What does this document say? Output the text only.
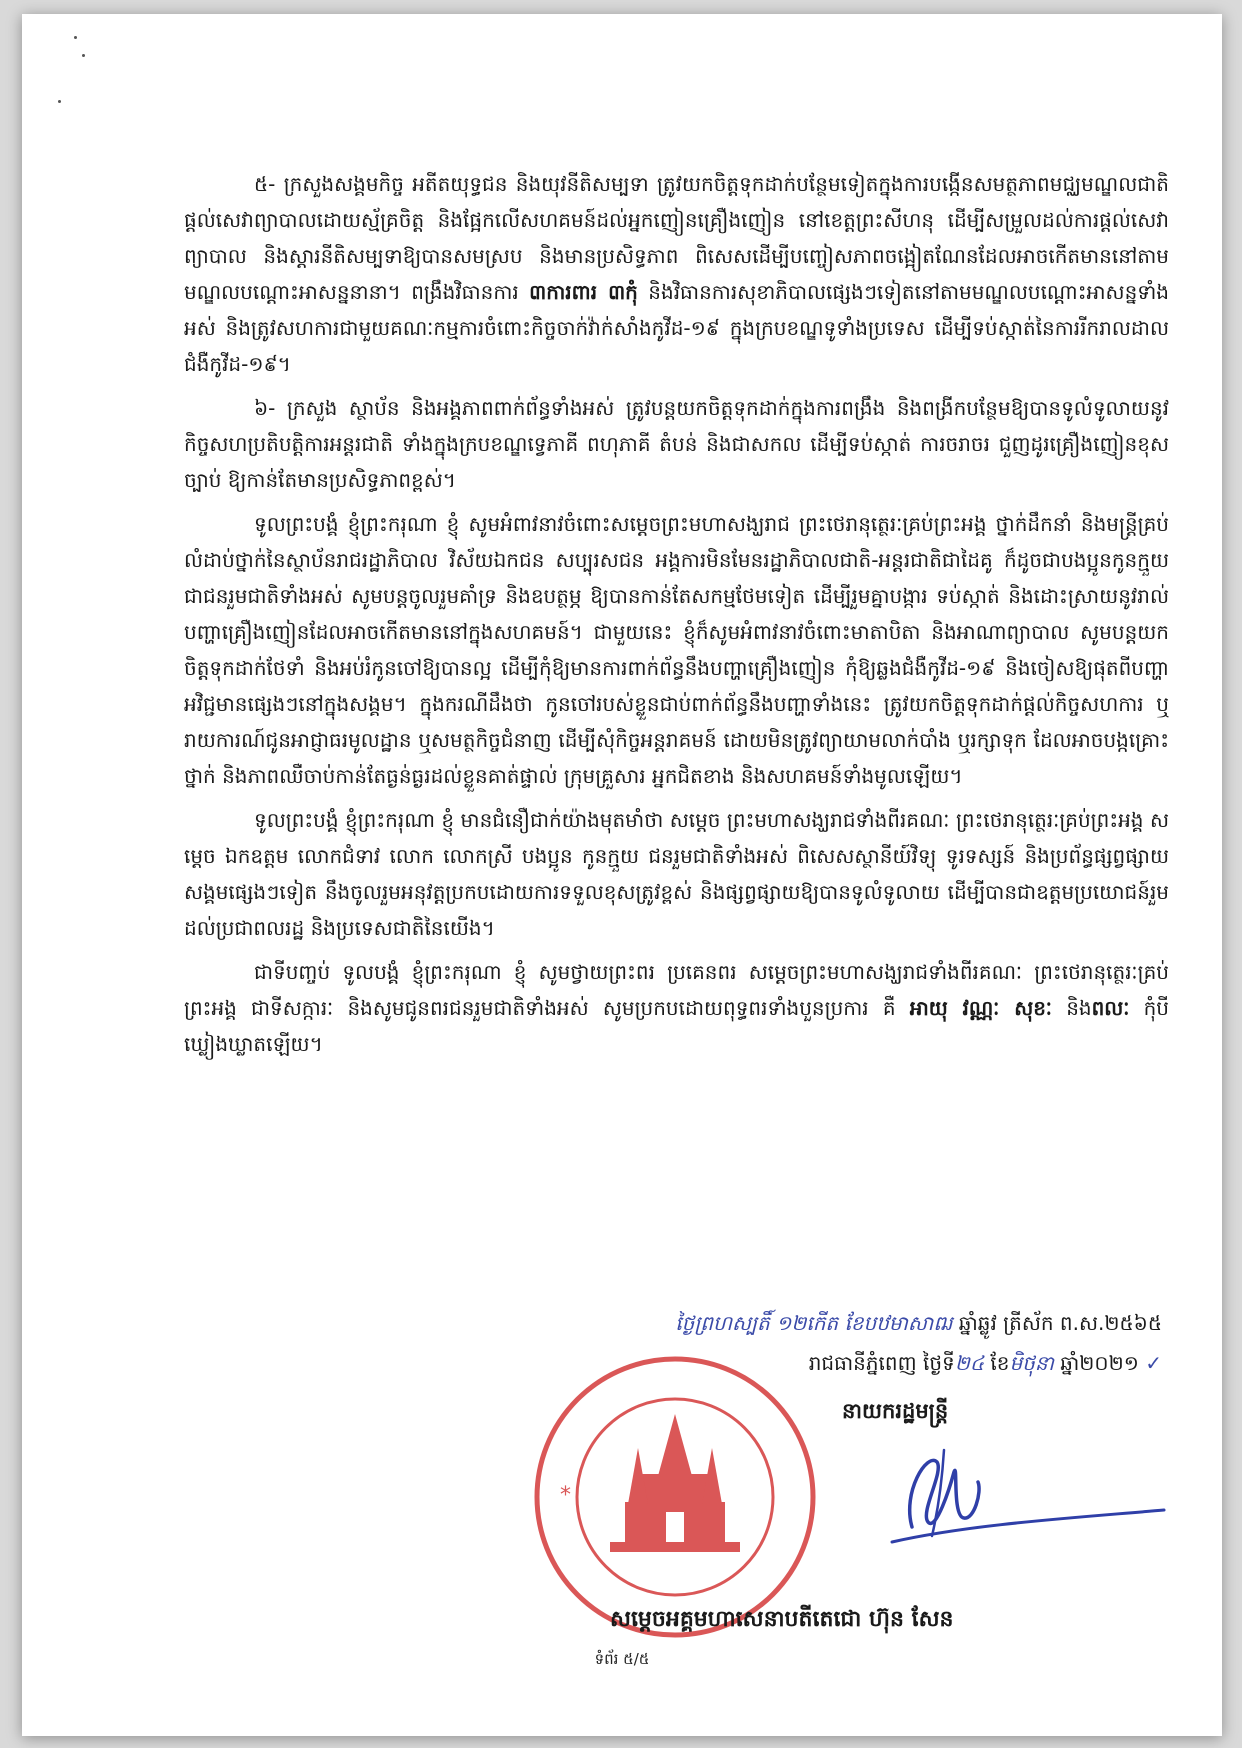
៥- ក្រសួងសង្គមកិច្ច អតីតយុទ្ធជន និងយុវនីតិសម្បទា ត្រូវយកចិត្តទុកដាក់បន្ថែមទៀតក្នុងការបង្កើនសមត្ថភាពមជ្ឈមណ្ឌលជាតិផ្តល់សេវាព្យាបាលដោយស្ម័គ្រចិត្ត និងផ្អែកលើសហគមន៍ដល់អ្នកញៀនគ្រឿងញៀន នៅខេត្តព្រះសីហនុ ដើម្បីសម្រួលដល់ការផ្តល់សេវាព្យាបាល និងស្តារនីតិសម្បទាឱ្យបានសមស្រប និងមានប្រសិទ្ធភាព ពិសេសដើម្បីបញ្ចៀសភាពចង្អៀតណែនដែលអាចកើតមាននៅតាមមណ្ឌលបណ្តោះអាសន្ននានា។ ពង្រឹងវិធានការ ៣ការពារ ៣កុំ និងវិធានការសុខាភិបាលផ្សេងៗទៀតនៅតាមមណ្ឌលបណ្តោះអាសន្នទាំងអស់ និងត្រូវសហការជាមួយគណៈកម្មការចំពោះកិច្ចចាក់វ៉ាក់សាំងកូវីដ-១៩ ក្នុងក្របខណ្ឌទូទាំងប្រទេស ដើម្បីទប់ស្កាត់នៃការរីករាលដាលជំងឺកូវីដ-១៩។

៦- ក្រសួង ស្ថាប័ន និងអង្គភាពពាក់ព័ន្ធទាំងអស់ ត្រូវបន្តយកចិត្តទុកដាក់ក្នុងការពង្រឹង និងពង្រីកបន្ថែមឱ្យបានទូលំទូលាយនូវកិច្ចសហប្រតិបត្តិការអន្តរជាតិ ទាំងក្នុងក្របខណ្ឌទ្វេភាគី ពហុភាគី តំបន់ និងជាសកល ដើម្បីទប់ស្កាត់ ការចរាចរ ជួញដូរគ្រឿងញៀនខុសច្បាប់ ឱ្យកាន់តែមានប្រសិទ្ធភាពខ្ពស់។

ទូលព្រះបង្គំ ខ្ញុំព្រះករុណា ខ្ញុំ សូមអំពាវនាវចំពោះសម្តេចព្រះមហាសង្ឃរាជ ព្រះថេរានុត្ថេរៈគ្រប់ព្រះអង្គ ថ្នាក់ដឹកនាំ និងមន្ត្រីគ្រប់លំដាប់ថ្នាក់នៃស្ថាប័នរាជរដ្ឋាភិបាល វិស័យឯកជន សប្បុរសជន អង្គការមិនមែនរដ្ឋាភិបាលជាតិ-អន្តរជាតិជាដៃគូ ក៏ដូចជាបងប្អូនកូនក្មួយជាជនរួមជាតិទាំងអស់ សូមបន្តចូលរួមគាំទ្រ និងឧបត្ថម្ភ ឱ្យបានកាន់តែសកម្មថែមទៀត ដើម្បីរួមគ្នាបង្ការ ទប់ស្កាត់ និងដោះស្រាយនូវរាល់បញ្ហាគ្រឿងញៀនដែលអាចកើតមាននៅក្នុងសហគមន៍។ ជាមួយនេះ ខ្ញុំក៏សូមអំពាវនាវចំពោះមាតាបិតា និងអាណាព្យាបាល សូមបន្តយកចិត្តទុកដាក់ថែទាំ និងអប់រំកូនចៅឱ្យបានល្អ ដើម្បីកុំឱ្យមានការពាក់ព័ន្ធនឹងបញ្ហាគ្រឿងញៀន កុំឱ្យឆ្លងជំងឺកូវីដ-១៩ និងចៀសឱ្យផុតពីបញ្ហាអវិជ្ជមានផ្សេងៗនៅក្នុងសង្គម។ ក្នុងករណីដឹងថា កូនចៅរបស់ខ្លួនជាប់ពាក់ព័ន្ធនឹងបញ្ហាទាំងនេះ ត្រូវយកចិត្តទុកដាក់ផ្តល់កិច្ចសហការ ឬរាយការណ៍ជូនអាជ្ញាធរមូលដ្ឋាន ឬសមត្ថកិច្ចជំនាញ ដើម្បីសុំកិច្ចអន្តរាគមន៍ ដោយមិនត្រូវព្យាយាមលាក់បាំង ឬរក្សាទុក ដែលអាចបង្កគ្រោះថ្នាក់ និងភាពឈឺចាប់កាន់តែធ្ងន់ធ្ងរដល់ខ្លួនគាត់ផ្ទាល់ ក្រុមគ្រួសារ អ្នកជិតខាង និងសហគមន៍ទាំងមូលឡើយ។

ទូលព្រះបង្គំ ខ្ញុំព្រះករុណា ខ្ញុំ មានជំនឿជាក់យ៉ាងមុតមាំថា សម្តេច ព្រះមហាសង្ឃរាជទាំងពីរគណៈ ព្រះថេរានុត្ថេរៈគ្រប់ព្រះអង្គ សម្តេច ឯកឧត្តម លោកជំទាវ លោក លោកស្រី បងប្អូន កូនក្មួយ ជនរួមជាតិទាំងអស់ ពិសេសស្ថានីយ៍វិទ្យុ ទូរទស្សន៍ និងប្រព័ន្ធផ្សព្វផ្សាយសង្គមផ្សេងៗទៀត នឹងចូលរួមអនុវត្តប្រកបដោយការទទួលខុសត្រូវខ្ពស់ និងផ្សព្វផ្សាយឱ្យបានទូលំទូលាយ ដើម្បីបានជាឧត្តមប្រយោជន៍រួមដល់ប្រជាពលរដ្ឋ និងប្រទេសជាតិនៃយើង។

ជាទីបញ្ចប់ ទូលបង្គំ ខ្ញុំព្រះករុណា ខ្ញុំ សូមថ្វាយព្រះពរ ប្រគេនពរ សម្តេចព្រះមហាសង្ឃរាជទាំងពីរគណៈ ព្រះថេរានុត្ថេរៈគ្រប់ព្រះអង្គ ជាទីសក្ការៈ និងសូមជូនពរជនរួមជាតិទាំងអស់ សូមប្រកបដោយពុទ្ធពរទាំងបួនប្រការ គឺ អាយុ វណ្ណៈ សុខៈ និងពលៈ កុំបីឃ្លៀងឃ្លាតឡើយ។

ថ្ងៃព្រហស្បតិ៍ ១២កើត ខែបឋមាសាឍ ឆ្នាំឆ្លូវ ត្រីស័ក ព.ស.២៥៦៥
រាជធានីភ្នំពេញ ថ្ងៃទី២៤ ខែមិថុនា ឆ្នាំ២០២១ ✓
*
នាយករដ្ឋមន្ត្រី
សម្តេចអគ្គមហាសេនាបតីតេជោ ហ៊ុន សែន
ទំព័រ ៥/៥
